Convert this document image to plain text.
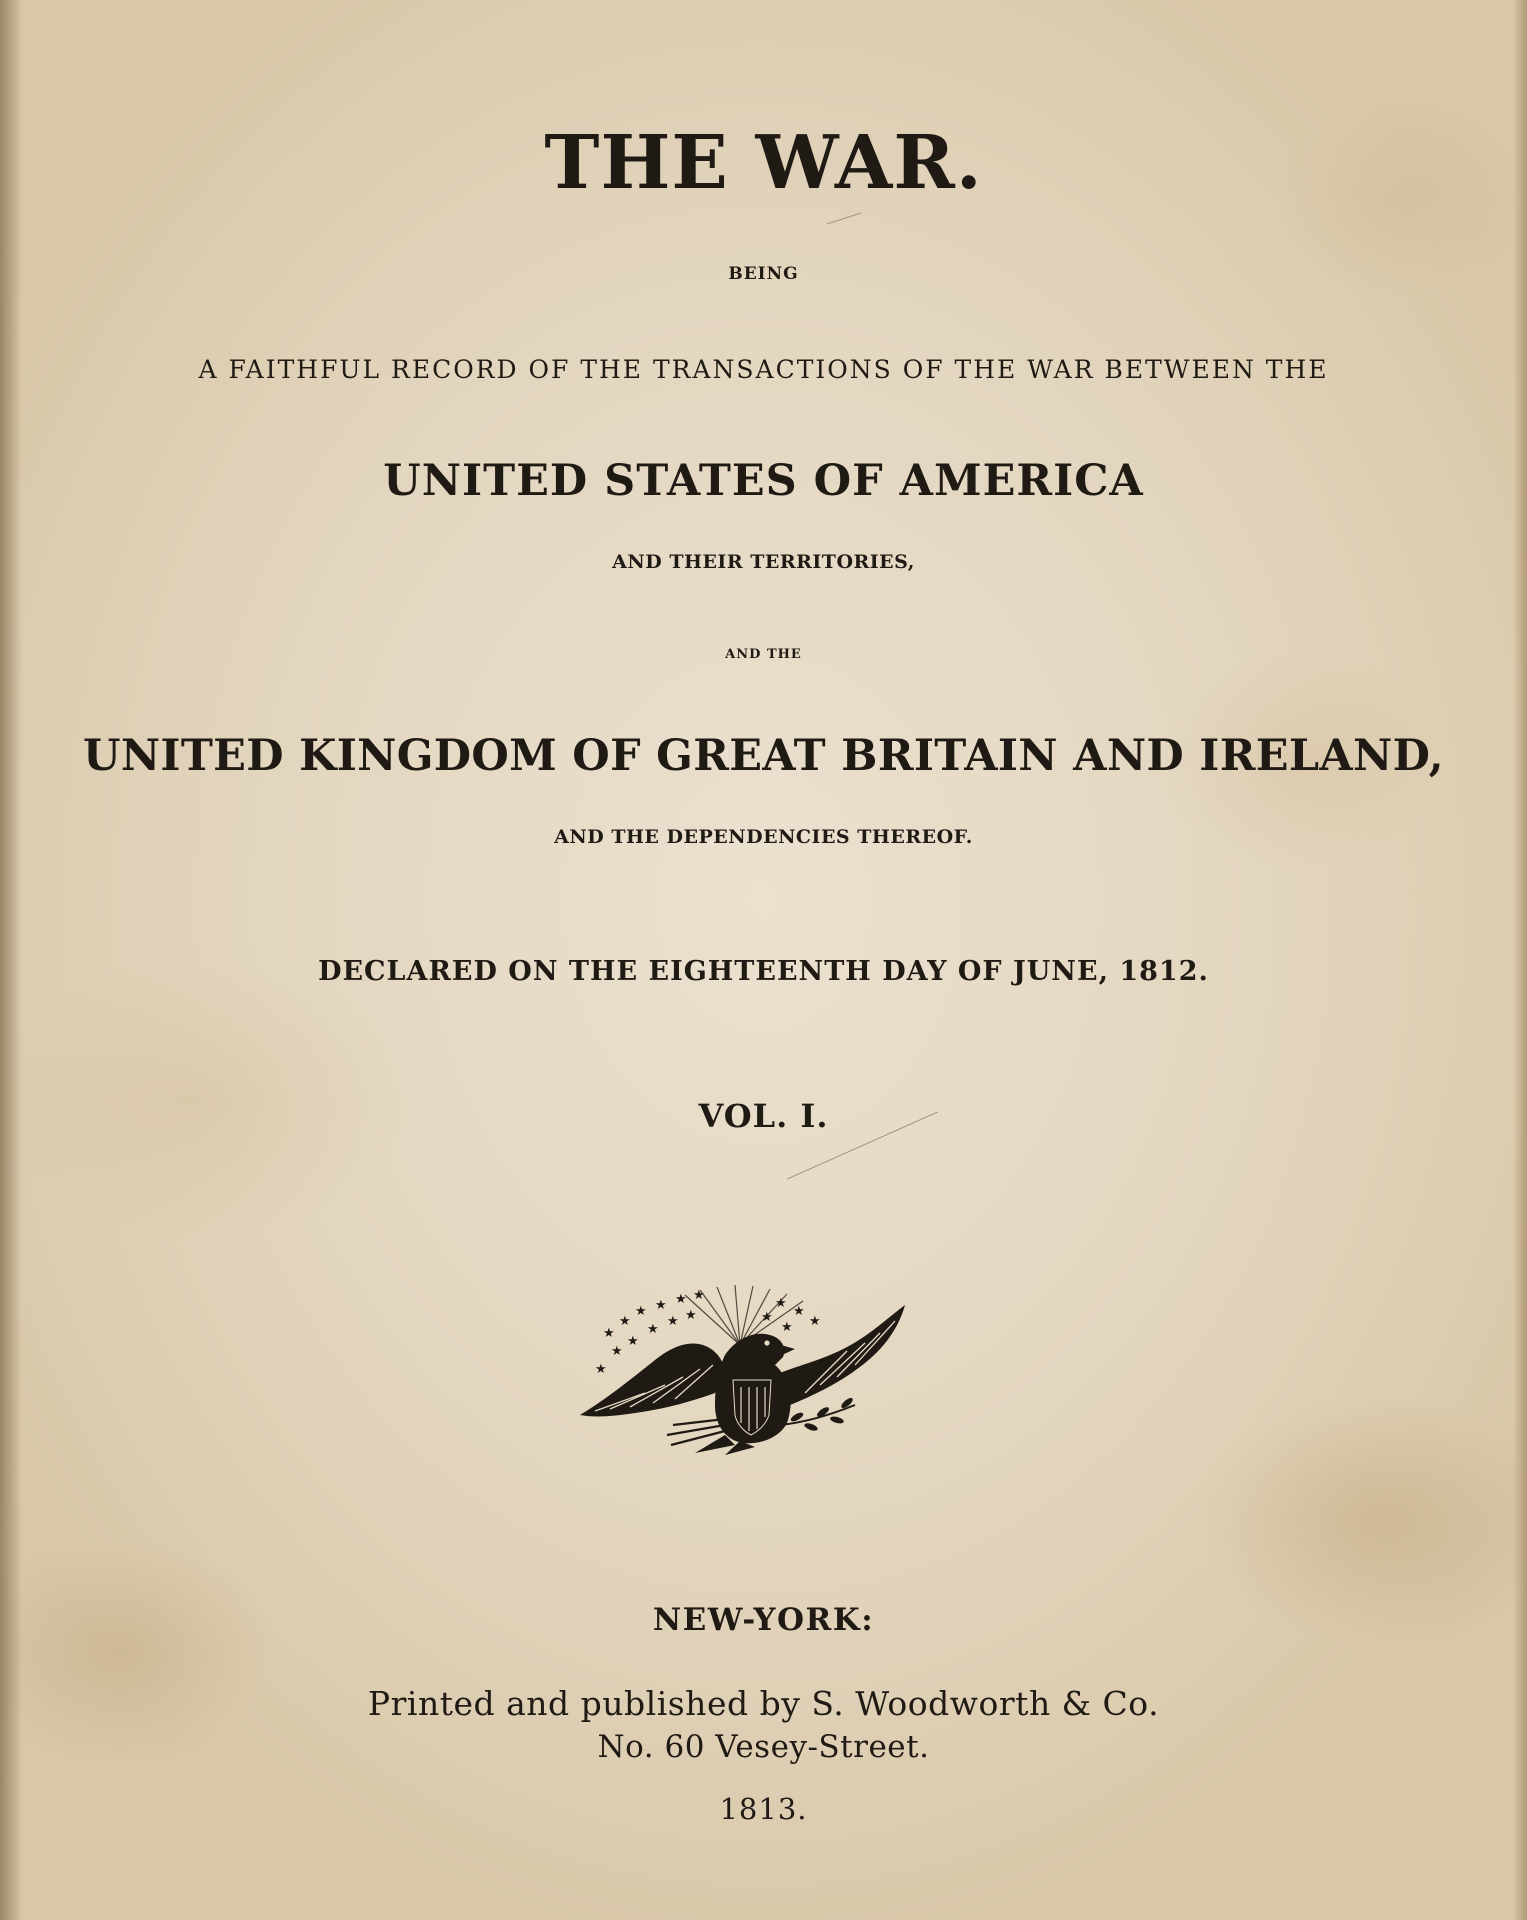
THE WAR.
BEING
A FAITHFUL RECORD OF THE TRANSACTIONS OF THE WAR BETWEEN THE
UNITED STATES OF AMERICA
AND THEIR TERRITORIES,
AND THE
UNITED KINGDOM OF GREAT BRITAIN AND IRELAND,
AND THE DEPENDENCIES THEREOF.
DECLARED ON THE EIGHTEENTH DAY OF JUNE, 1812.
VOL. I.
★
★
★ ★ ★ ★
★
★
★
★ ★
★
★
★
★
★
★
NEW-YORK:
Printed and published by S. Woodworth & Co.
No. 60 Vesey-Street.
1813.
